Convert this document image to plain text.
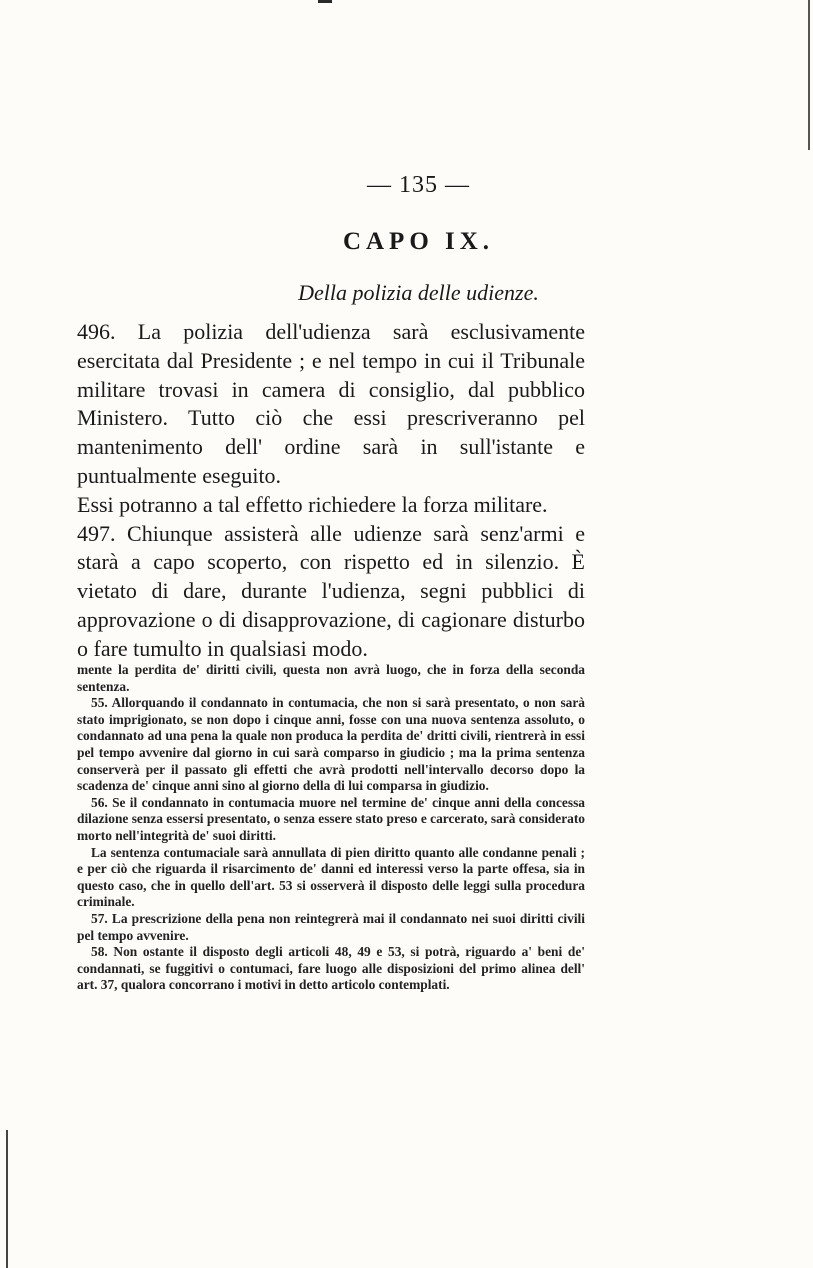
— 135 —
CAPO IX.
Della polizia delle udienze.

496. La polizia dell'udienza sarà esclusivamente esercitata dal Presidente ; e nel tempo in cui il Tribunale militare trovasi in camera di consiglio, dal pubblico Ministero. Tutto ciò che essi prescriveranno pel mantenimento dell' ordine sarà in sull'istante e puntualmente eseguito.

Essi potranno a tal effetto richiedere la forza militare.

497. Chiunque assisterà alle udienze sarà senz'armi e starà a capo scoperto, con rispetto ed in silenzio. È vietato di dare, durante l'udienza, segni pubblici di approvazione o di disapprovazione, di cagionare disturbo o fare tumulto in qualsiasi modo.

mente la perdita de' diritti civili, questa non avrà luogo, che in forza della seconda sentenza.

55. Allorquando il condannato in contumacia, che non si sarà presentato, o non sarà stato imprigionato, se non dopo i cinque anni, fosse con una nuova sentenza assoluto, o condannato ad una pena la quale non produca la perdita de' dritti civili, rientrerà in essi pel tempo avvenire dal giorno in cui sarà comparso in giudicio ; ma la prima sentenza conserverà per il passato gli effetti che avrà prodotti nell'intervallo decorso dopo la scadenza de' cinque anni sino al giorno della di lui comparsa in giudizio.

56. Se il condannato in contumacia muore nel termine de' cinque anni della concessa dilazione senza essersi presentato, o senza essere stato preso e carcerato, sarà considerato morto nell'integrità de' suoi diritti.

La sentenza contumaciale sarà annullata di pien diritto quanto alle condanne penali ; e per ciò che riguarda il risarcimento de' danni ed interessi verso la parte offesa, sia in questo caso, che in quello dell'art. 53 si osserverà il disposto delle leggi sulla procedura criminale.

57. La prescrizione della pena non reintegrerà mai il condannato nei suoi diritti civili pel tempo avvenire.

58. Non ostante il disposto degli articoli 48, 49 e 53, si potrà, riguardo a' beni de' condannati, se fuggitivi o contumaci, fare luogo alle disposizioni del primo alinea dell' art. 37, qualora concorrano i motivi in detto articolo contemplati.
